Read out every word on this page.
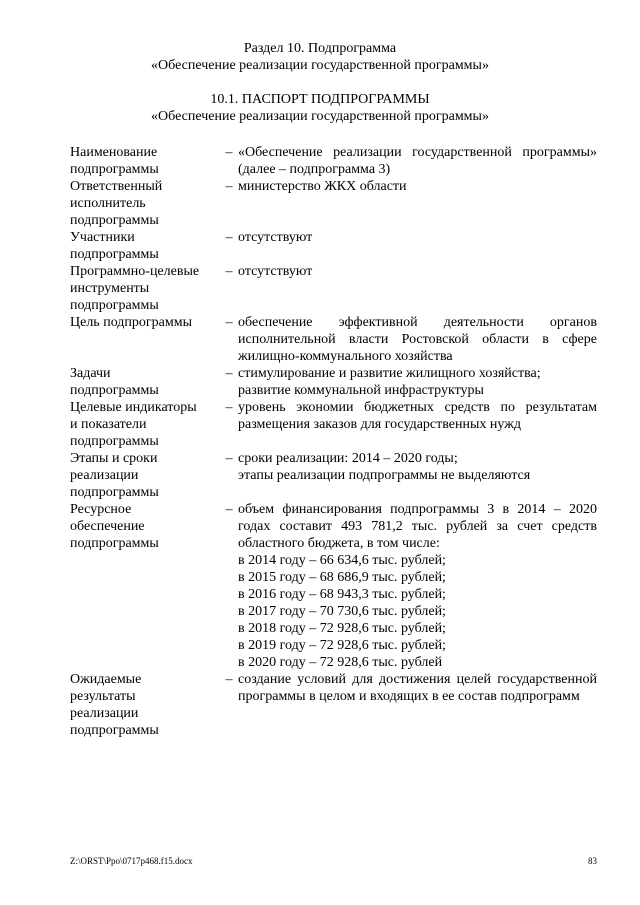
Раздел 10. Подпрограмма
«Обеспечение реализации государственной программы»
10.1. ПАСПОРТ ПОДПРОГРАММЫ
«Обеспечение реализации государственной программы»
Наименование
подпрограммы
– «Обеспечение реализации государственной программы» (далее – подпрограмма 3)
Ответственный
исполнитель
подпрограммы
– министерство ЖКХ области
Участники
подпрограммы
– отсутствуют
Программно-целевые
инструменты
подпрограммы
– отсутствуют
Цель подпрограммы	– обеспечение эффективной деятельности органов исполнительной власти Ростовской области в сфере жилищно-коммунального хозяйства
Задачи
подпрограммы
– стимулирование и развитие жилищного хозяйства;
развитие коммунальной инфраструктуры
Целевые индикаторы
и показатели
подпрограммы
– уровень экономии бюджетных средств по результатам размещения заказов для государственных нужд
Этапы и сроки
реализации
подпрограммы
– сроки реализации: 2014 – 2020 годы;
этапы реализации подпрограммы не выделяются
Ресурсное
обеспечение
подпрограммы
– объем финансирования подпрограммы 3 в 2014 – 2020 годах составит 493 781,2 тыс. рублей за счет средств областного бюджета, в том числе:
в 2014 году – 66 634,6 тыс. рублей;
в 2015 году – 68 686,9 тыс. рублей;
в 2016 году – 68 943,3 тыс. рублей;
в 2017 году – 70 730,6 тыс. рублей;
в 2018 году – 72 928,6 тыс. рублей;
в 2019 году – 72 928,6 тыс. рублей;
в 2020 году – 72 928,6 тыс. рублей
Ожидаемые
результаты
реализации
подпрограммы
– создание условий для достижения целей государственной программы в целом и входящих в ее состав подпрограмм
Z:\ORST\Ppo\0717p468.f15.docx	83
